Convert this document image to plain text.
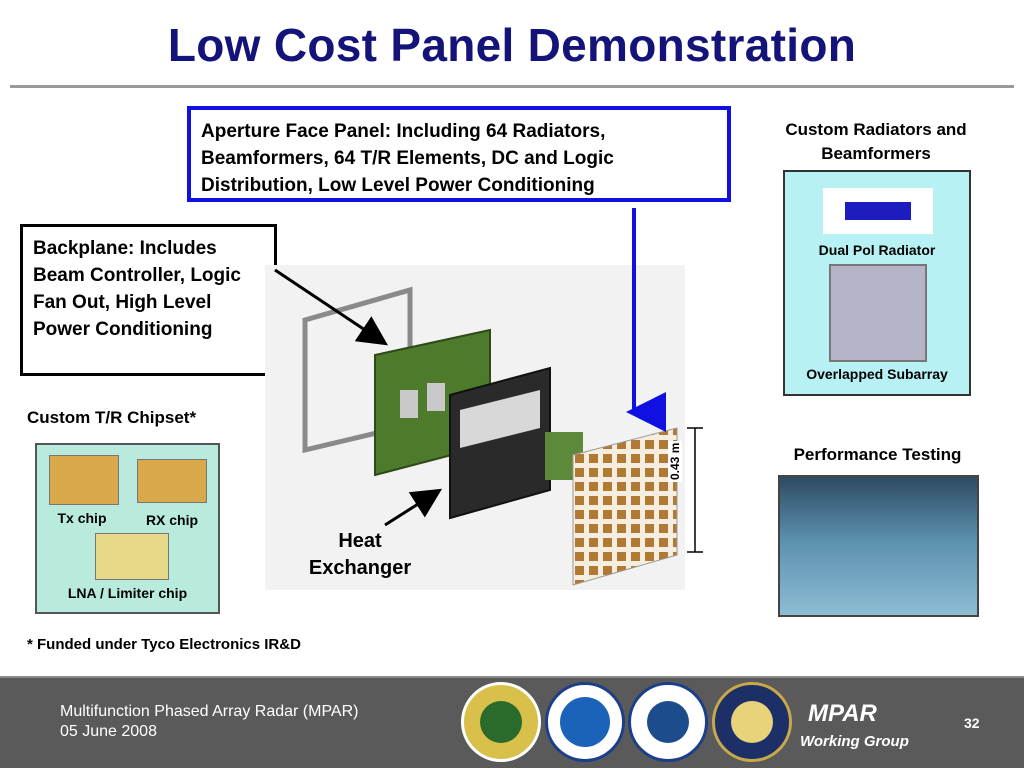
Low Cost Panel Demonstration
Aperture Face Panel: Including 64 Radiators, Beamformers, 64 T/R Elements, DC and Logic Distribution, Low Level Power Conditioning
Backplane: Includes Beam Controller, Logic Fan Out, High Level Power Conditioning
0.43 m
Heat Exchanger
Custom T/R Chipset*
Tx chip	RX chip
LNA / Limiter chip
* Funded under Tyco Electronics IR&D
Custom Radiators and Beamformers
Dual Pol Radiator
Overlapped Subarray
Performance Testing
Multifunction Phased Array Radar (MPAR)
05 June 2008
MPAR
Working Group
32
